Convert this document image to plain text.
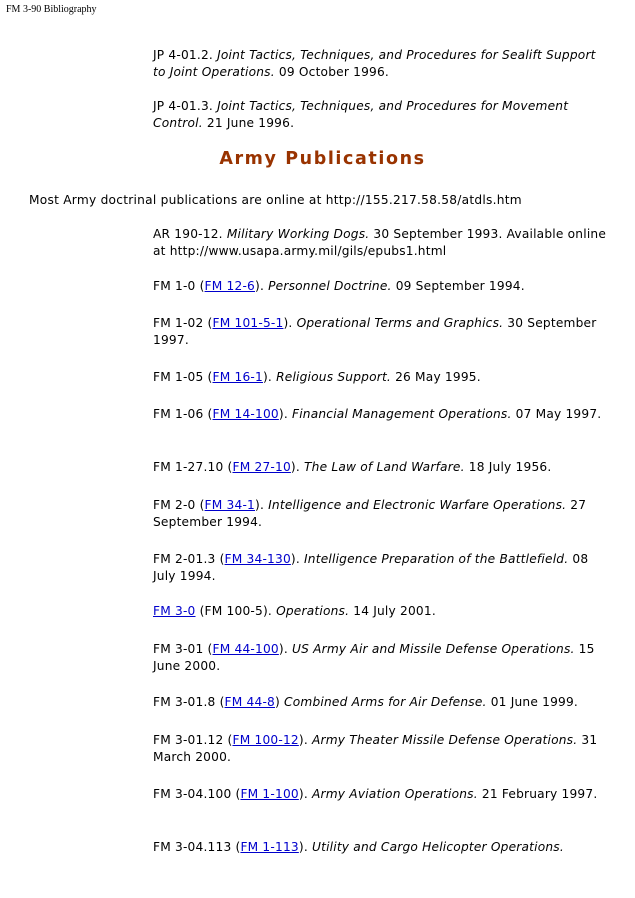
FM 3-90 Bibliography
JP 4-01.2. Joint Tactics, Techniques, and Procedures for Sealift Support to Joint Operations. 09 October 1996.
JP 4-01.3. Joint Tactics, Techniques, and Procedures for Movement Control. 21 June 1996.
Army Publications
Most Army doctrinal publications are online at http://155.217.58.58/atdls.htm
AR 190-12. Military Working Dogs. 30 September 1993. Available online at http://www.usapa.army.mil/gils/epubs1.html
FM 1-0 (FM 12-6). Personnel Doctrine. 09 September 1994.
FM 1-02 (FM 101-5-1). Operational Terms and Graphics. 30 September 1997.
FM 1-05 (FM 16-1). Religious Support. 26 May 1995.
FM 1-06 (FM 14-100). Financial Management Operations. 07 May 1997.
FM 1-27.10 (FM 27-10). The Law of Land Warfare. 18 July 1956.
FM 2-0 (FM 34-1). Intelligence and Electronic Warfare Operations. 27 September 1994.
FM 2-01.3 (FM 34-130). Intelligence Preparation of the Battlefield. 08 July 1994.
FM 3-0 (FM 100-5). Operations. 14 July 2001.
FM 3-01 (FM 44-100). US Army Air and Missile Defense Operations. 15 June 2000.
FM 3-01.8 (FM 44-8) Combined Arms for Air Defense. 01 June 1999.
FM 3-01.12 (FM 100-12). Army Theater Missile Defense Operations. 31 March 2000.
FM 3-04.100 (FM 1-100). Army Aviation Operations. 21 February 1997.
FM 3-04.113 (FM 1-113). Utility and Cargo Helicopter Operations.
